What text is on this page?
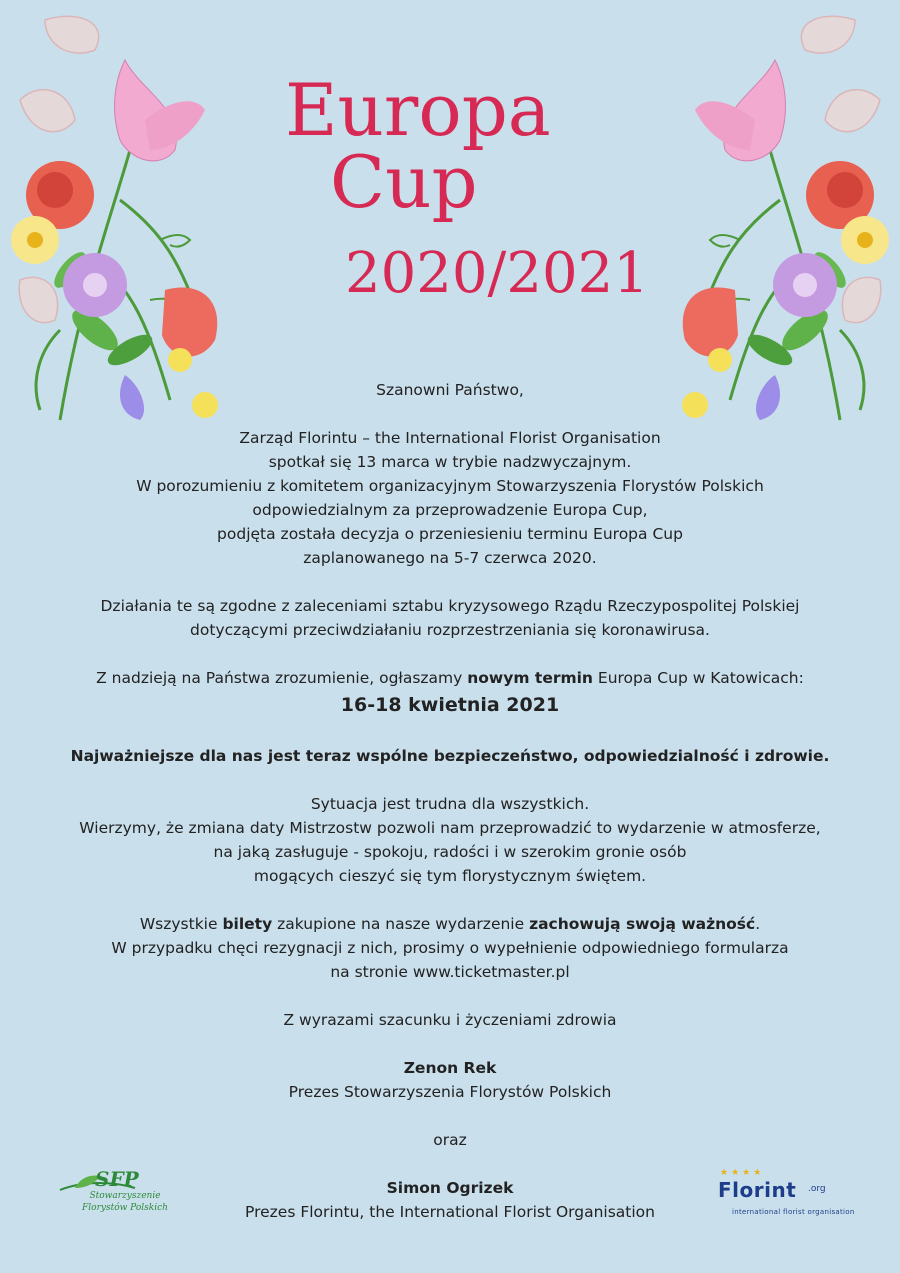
Europa
Cup
2020/2021

Szanowni Państwo,

Zarząd Florintu – the International Florist Organisation

spotkał się 13 marca w trybie nadzwyczajnym.

W porozumieniu z komitetem organizacyjnym Stowarzyszenia Florystów Polskich

odpowiedzialnym za przeprowadzenie Europa Cup,

podjęta została decyzja o przeniesieniu terminu Europa Cup

zaplanowanego na 5-7 czerwca 2020.

Działania te są zgodne z zaleceniami sztabu kryzysowego Rządu Rzeczypospolitej Polskiej

dotyczącymi przeciwdziałaniu rozprzestrzeniania się koronawirusa.

Z nadzieją na Państwa zrozumienie, ogłaszamy nowym termin Europa Cup w Katowicach:

16-18 kwietnia 2021

Najważniejsze dla nas jest teraz wspólne bezpieczeństwo, odpowiedzialność i zdrowie.

Sytuacja jest trudna dla wszystkich.

Wierzymy, że zmiana daty Mistrzostw pozwoli nam przeprowadzić to wydarzenie w atmosferze,

na jaką zasługuje - spokoju, radości i w szerokim gronie osób

mogących cieszyć się tym florystycznym świętem.

Wszystkie bilety zakupione na nasze wydarzenie zachowują swoją ważność.

W przypadku chęci rezygnacji z nich, prosimy o wypełnienie odpowiedniego formularza

na stronie www.ticketmaster.pl

Z wyrazami szacunku i życzeniami zdrowia

Zenon Rek

Prezes Stowarzyszenia Florystów Polskich

oraz

Simon Ogrizek

Prezes Florintu, the International Florist Organisation

SFP
Stowarzyszenie
Florystów Polskich
★★★★
Florint .org
international florist organisation
